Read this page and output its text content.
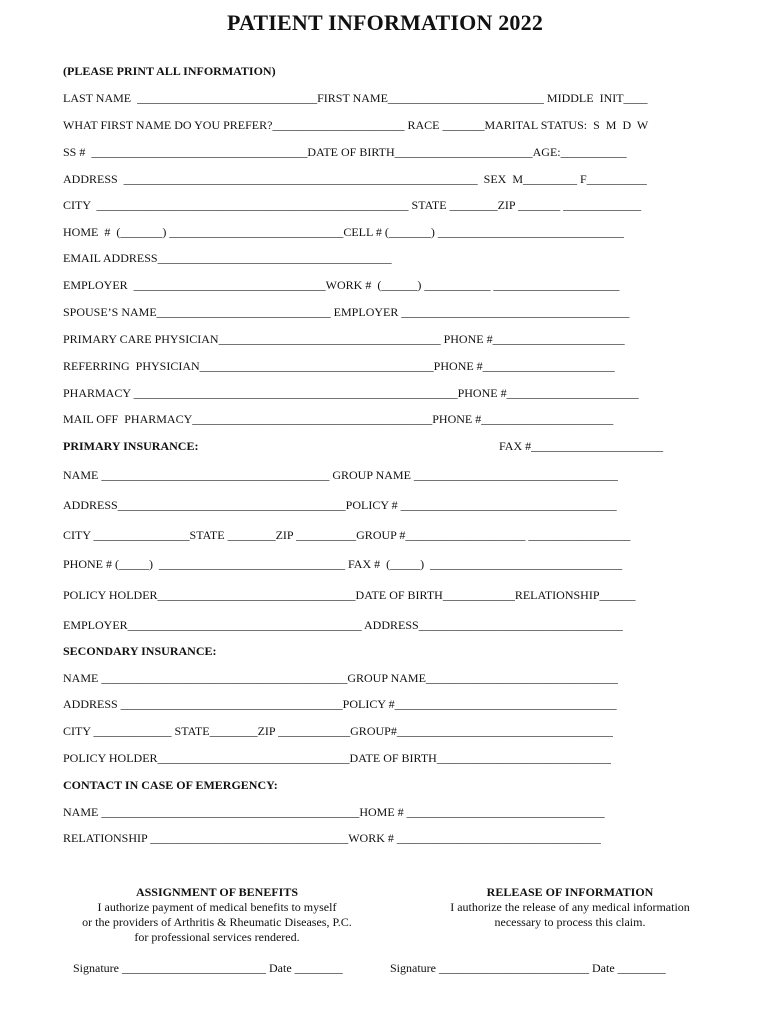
PATIENT INFORMATION 2022
(PLEASE PRINT ALL INFORMATION)
LAST NAME  ______________________________FIRST NAME__________________________ MIDDLE  INIT____
WHAT FIRST NAME DO YOU PREFER?______________________ RACE _______MARITAL STATUS:  S  M  D  W
SS #  ____________________________________DATE OF BIRTH_______________________AGE:___________
ADDRESS  ___________________________________________________________  SEX  M_________ F__________
CITY  ____________________________________________________ STATE ________ZIP _______ _____________
HOME  #  (_______) _____________________________CELL # (_______) _______________________________
EMAIL ADDRESS_______________________________________
EMPLOYER  ________________________________WORK #  (______) ___________ _____________________
SPOUSE’S NAME_____________________________ EMPLOYER ______________________________________
PRIMARY CARE PHYSICIAN_____________________________________ PHONE #______________________
REFERRING  PHYSICIAN_______________________________________PHONE #______________________
PHARMACY ______________________________________________________PHONE #______________________
MAIL OFF  PHARMACY________________________________________PHONE #______________________
PRIMARY INSURANCE:	FAX #______________________
NAME ______________________________________ GROUP NAME __________________________________
ADDRESS______________________________________POLICY # ____________________________________
CITY ________________STATE ________ZIP __________GROUP #____________________ _________________
PHONE # (_____)  _______________________________ FAX #  (_____)  ________________________________
POLICY HOLDER_________________________________DATE OF BIRTH____________RELATIONSHIP______
EMPLOYER_______________________________________ ADDRESS__________________________________
SECONDARY INSURANCE:
NAME _________________________________________GROUP NAME________________________________
ADDRESS _____________________________________POLICY #_____________________________________
CITY _____________ STATE________ZIP ____________GROUP#____________________________________
POLICY HOLDER________________________________DATE OF BIRTH_____________________________
CONTACT IN CASE OF EMERGENCY:
NAME ___________________________________________HOME # _________________________________
RELATIONSHIP _________________________________WORK # __________________________________
ASSIGNMENT OF BENEFITS
I authorize payment of medical benefits to myself
or the providers of Arthritis & Rheumatic Diseases, P.C.
for professional services rendered.
RELEASE OF INFORMATION
I authorize the release of any medical information
necessary to process this claim.
Signature ________________________ Date ________	Signature _________________________ Date ________
